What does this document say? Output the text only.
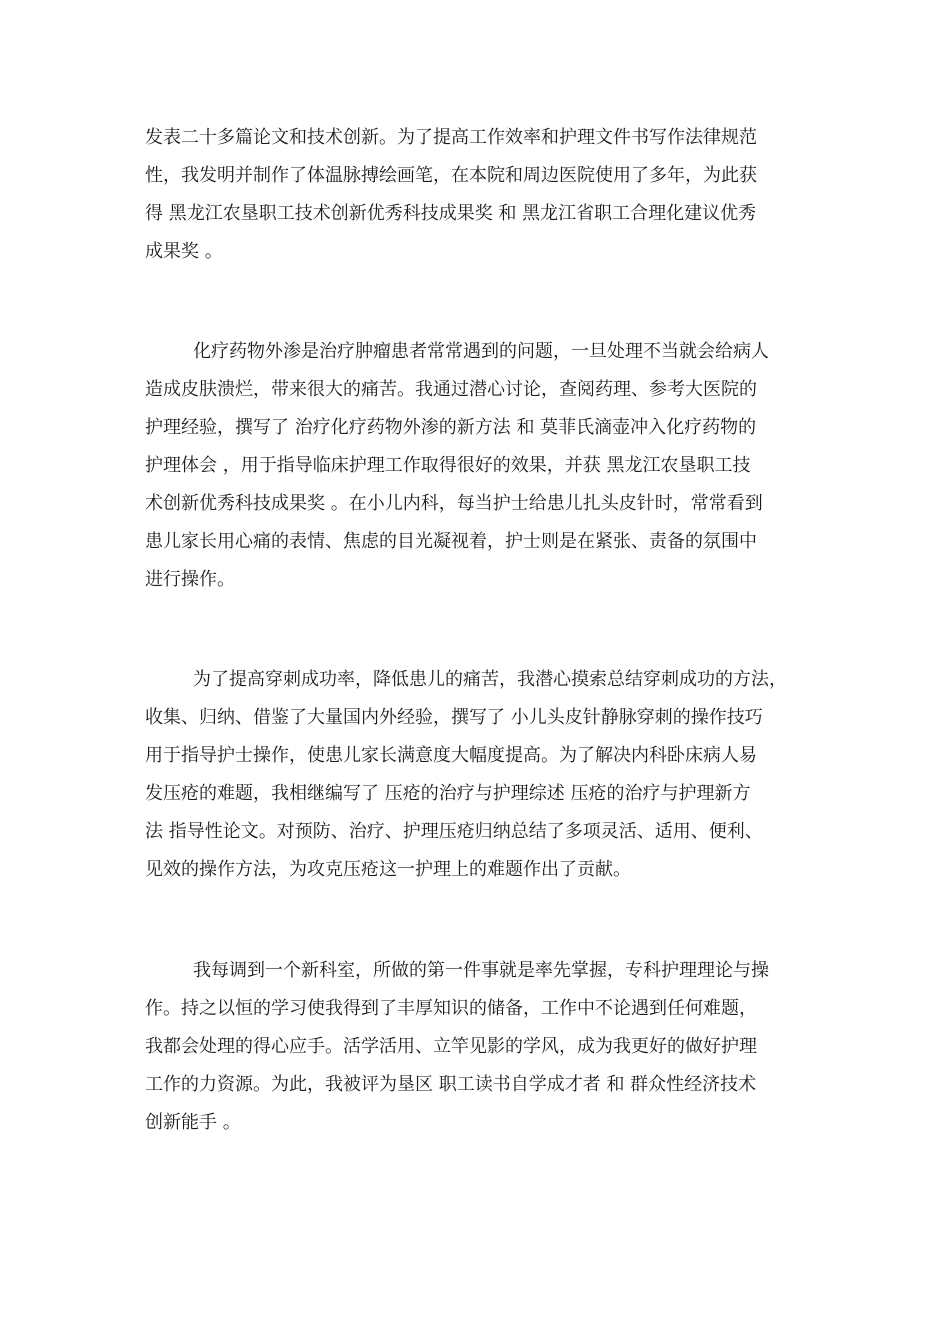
发表二十多篇论文和技术创新。为了提高工作效率和护理文件书写作法律规范
性，我发明并制作了体温脉搏绘画笔，在本院和周边医院使用了多年，为此获
得 黑龙江农垦职工技术创新优秀科技成果奖 和 黑龙江省职工合理化建议优秀
成果奖 。
化疗药物外渗是治疗肿瘤患者常常遇到的问题，一旦处理不当就会给病人
造成皮肤溃烂，带来很大的痛苦。我通过潜心讨论，查阅药理、参考大医院的
护理经验，撰写了 治疗化疗药物外渗的新方法 和 莫菲氏滴壶冲入化疗药物的
护理体会 ，用于指导临床护理工作取得很好的效果，并获 黑龙江农垦职工技
术创新优秀科技成果奖 。在小儿内科，每当护士给患儿扎头皮针时，常常看到
患儿家长用心痛的表情、焦虑的目光凝视着，护士则是在紧张、责备的氛围中
进行操作。
为了提高穿刺成功率，降低患儿的痛苦，我潜心摸索总结穿刺成功的方法，
收集、归纳、借鉴了大量国内外经验，撰写了 小儿头皮针静脉穿刺的操作技巧
用于指导护士操作，使患儿家长满意度大幅度提高。为了解决内科卧床病人易
发压疮的难题，我相继编写了 压疮的治疗与护理综述 压疮的治疗与护理新方
法 指导性论文。对预防、治疗、护理压疮归纳总结了多项灵活、适用、便利、
见效的操作方法，为攻克压疮这一护理上的难题作出了贡献。
我每调到一个新科室，所做的第一件事就是率先掌握，专科护理理论与操
作。持之以恒的学习使我得到了丰厚知识的储备，工作中不论遇到任何难题，
我都会处理的得心应手。活学活用、立竿见影的学风，成为我更好的做好护理
工作的力资源。为此，我被评为垦区 职工读书自学成才者 和 群众性经济技术
创新能手 。
